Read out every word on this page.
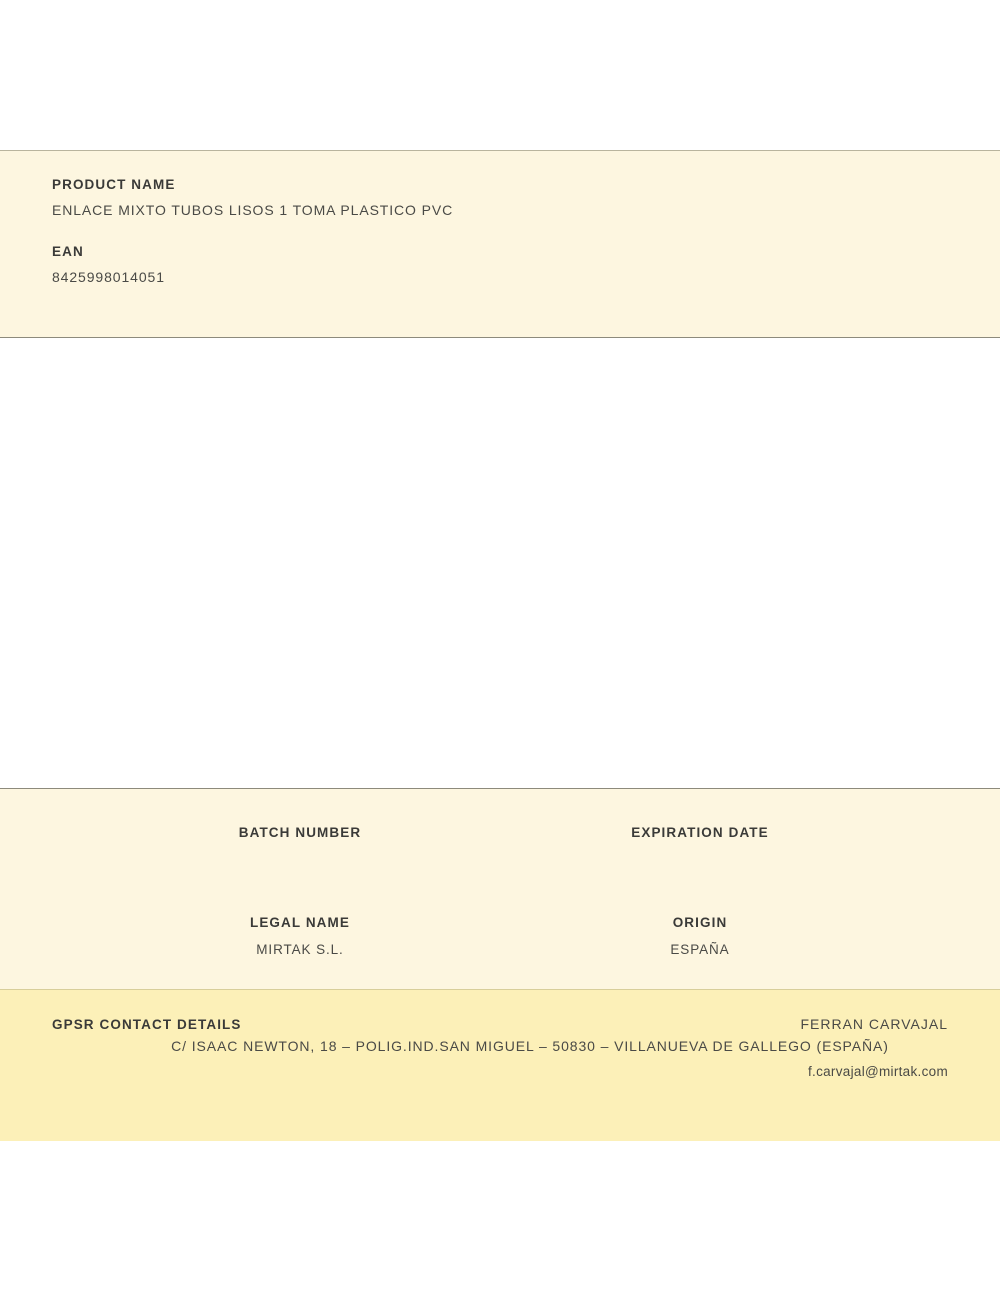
PRODUCT NAME
ENLACE MIXTO TUBOS LISOS 1 TOMA PLASTICO PVC
EAN
8425998014051
BATCH NUMBER	EXPIRATION DATE
LEGAL NAME
MIRTAK S.L.
ORIGIN
ESPAÑA
GPSR CONTACT DETAILS	FERRAN CARVAJAL
C/ ISAAC NEWTON, 18 – POLIG.IND.SAN MIGUEL – 50830 – VILLANUEVA DE GALLEGO (ESPAÑA)
f.carvajal@mirtak.com
